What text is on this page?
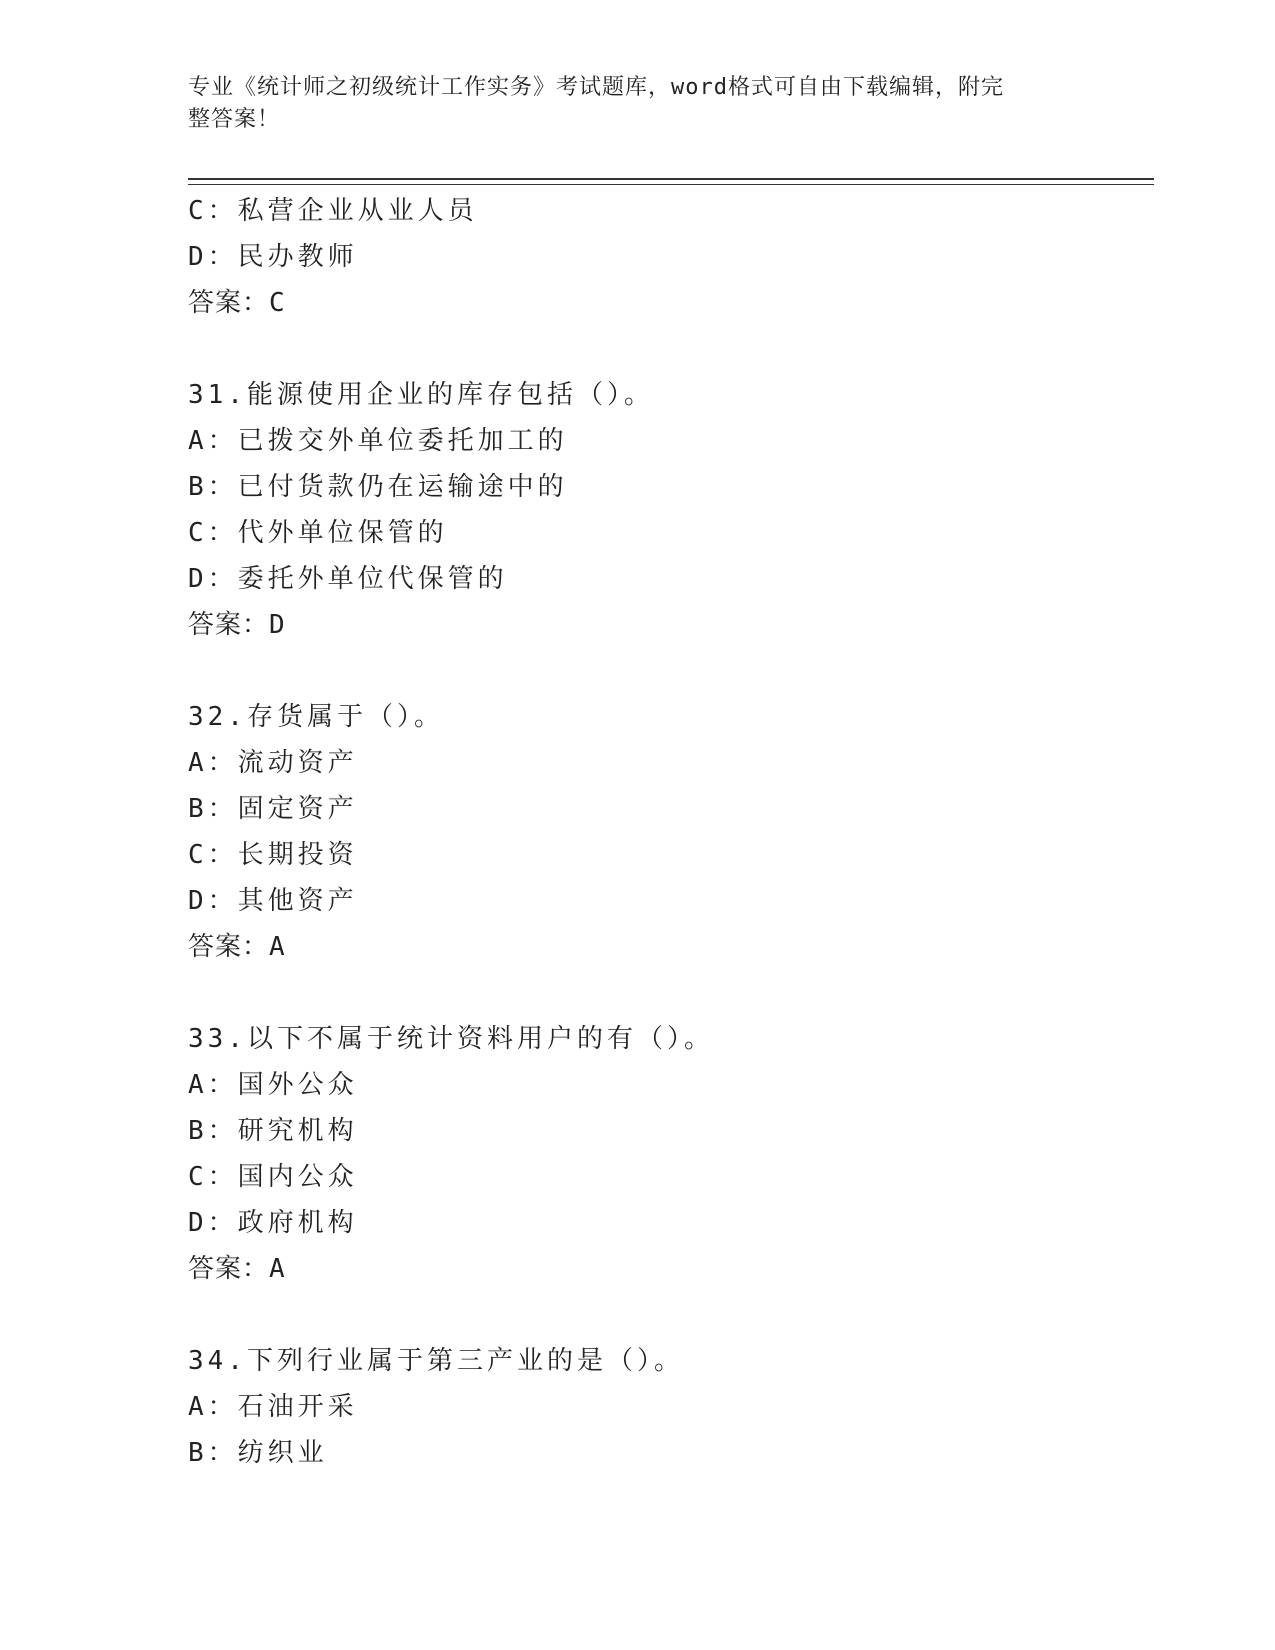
专业《统计师之初级统计工作实务》考试题库，word格式可自由下载编辑，附完
整答案！
C：私营企业从业人员
D：民办教师
答案：C
31.能源使用企业的库存包括（）。
A：已拨交外单位委托加工的
B：已付货款仍在运输途中的
C：代外单位保管的
D：委托外单位代保管的
答案：D
32.存货属于（）。
A：流动资产
B：固定资产
C：长期投资
D：其他资产
答案：A
33.以下不属于统计资料用户的有（）。
A：国外公众
B：研究机构
C：国内公众
D：政府机构
答案：A
34.下列行业属于第三产业的是（）。
A：石油开采
B：纺织业
